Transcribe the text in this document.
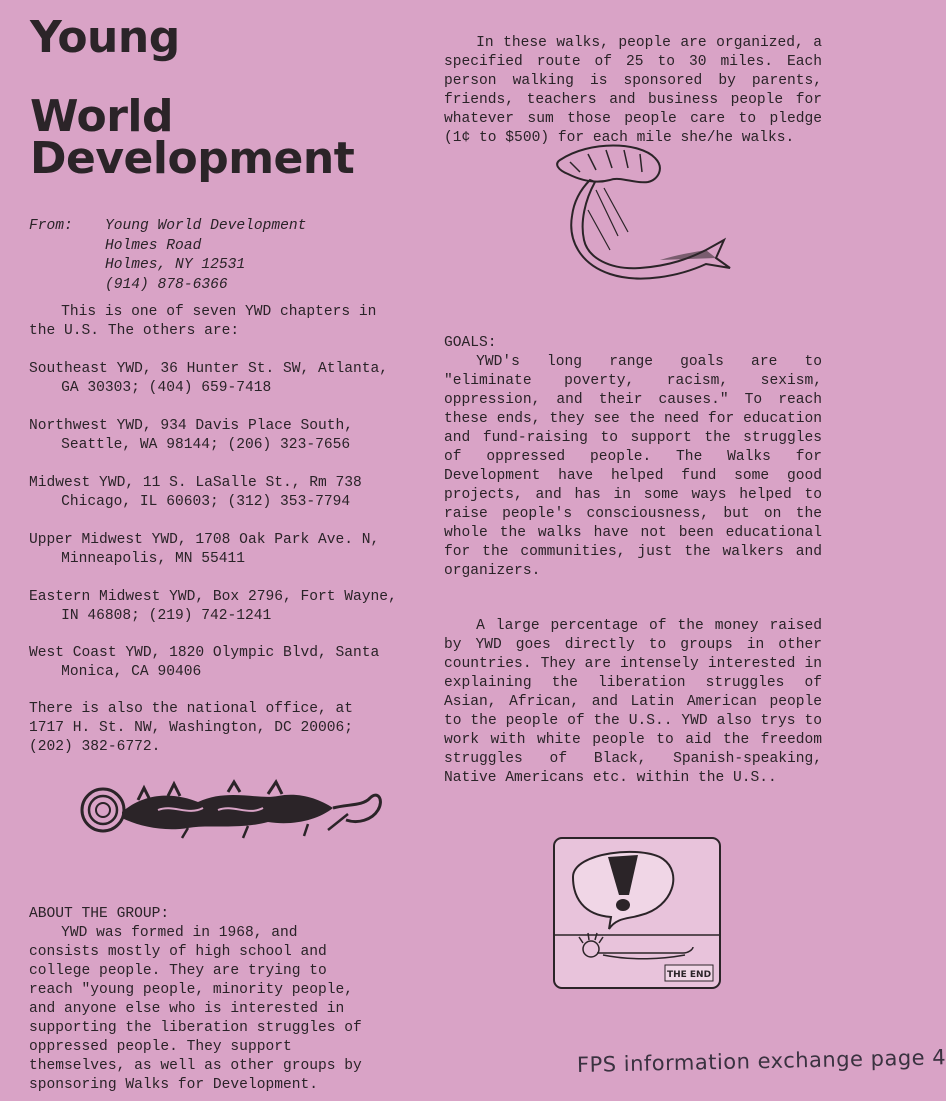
Young
World
Development
From: Young World Development
Holmes Road
Holmes, NY 12531
(914) 878-6366

This is one of seven YWD chapters in the U.S. The others are:

Southeast YWD, 36 Hunter St. SW, Atlanta, GA 30303; (404) 659-7418

Northwest YWD, 934 Davis Place South, Seattle, WA 98144; (206) 323-7656

Midwest YWD, 11 S. LaSalle St., Rm 738 Chicago, IL 60603; (312) 353-7794

Upper Midwest YWD, 1708 Oak Park Ave. N, Minneapolis, MN 55411

Eastern Midwest YWD, Box 2796, Fort Wayne, IN 46808; (219) 742-1241

West Coast YWD, 1820 Olympic Blvd, Santa Monica, CA 90406

There is also the national office, at 1717 H. St. NW, Washington, DC 20006; (202) 382-6772.

ABOUT THE GROUP:

YWD was formed in 1968, and consists mostly of high school and college people. They are trying to reach "young people, minority people, and anyone else who is interested in supporting the liberation struggles of oppressed people. They support themselves, as well as other groups by sponsoring Walks for Development.

In these walks, people are organized, a specified route of 25 to 30 miles. Each person walking is sponsored by parents, friends, teachers and business people for whatever sum those people care to pledge (1¢ to $500) for each mile she/he walks.

GOALS:

YWD's long range goals are to "eliminate poverty, racism, sexism, oppression, and their causes." To reach these ends, they see the need for education and fund-raising to support the struggles of oppressed people. The Walks for Development have helped fund some good projects, and has in some ways helped to raise people's consciousness, but on the whole the walks have not been educational for the communities, just the walkers and organizers.

A large percentage of the money raised by YWD goes directly to groups in other countries. They are intensely interested in explaining the liberation struggles of Asian, African, and Latin American people to the people of the U.S.. YWD also trys to work with white people to aid the freedom struggles of Black, Spanish-speaking, Native Americans etc. within the U.S..

THE END
FPS information exchange page 4
